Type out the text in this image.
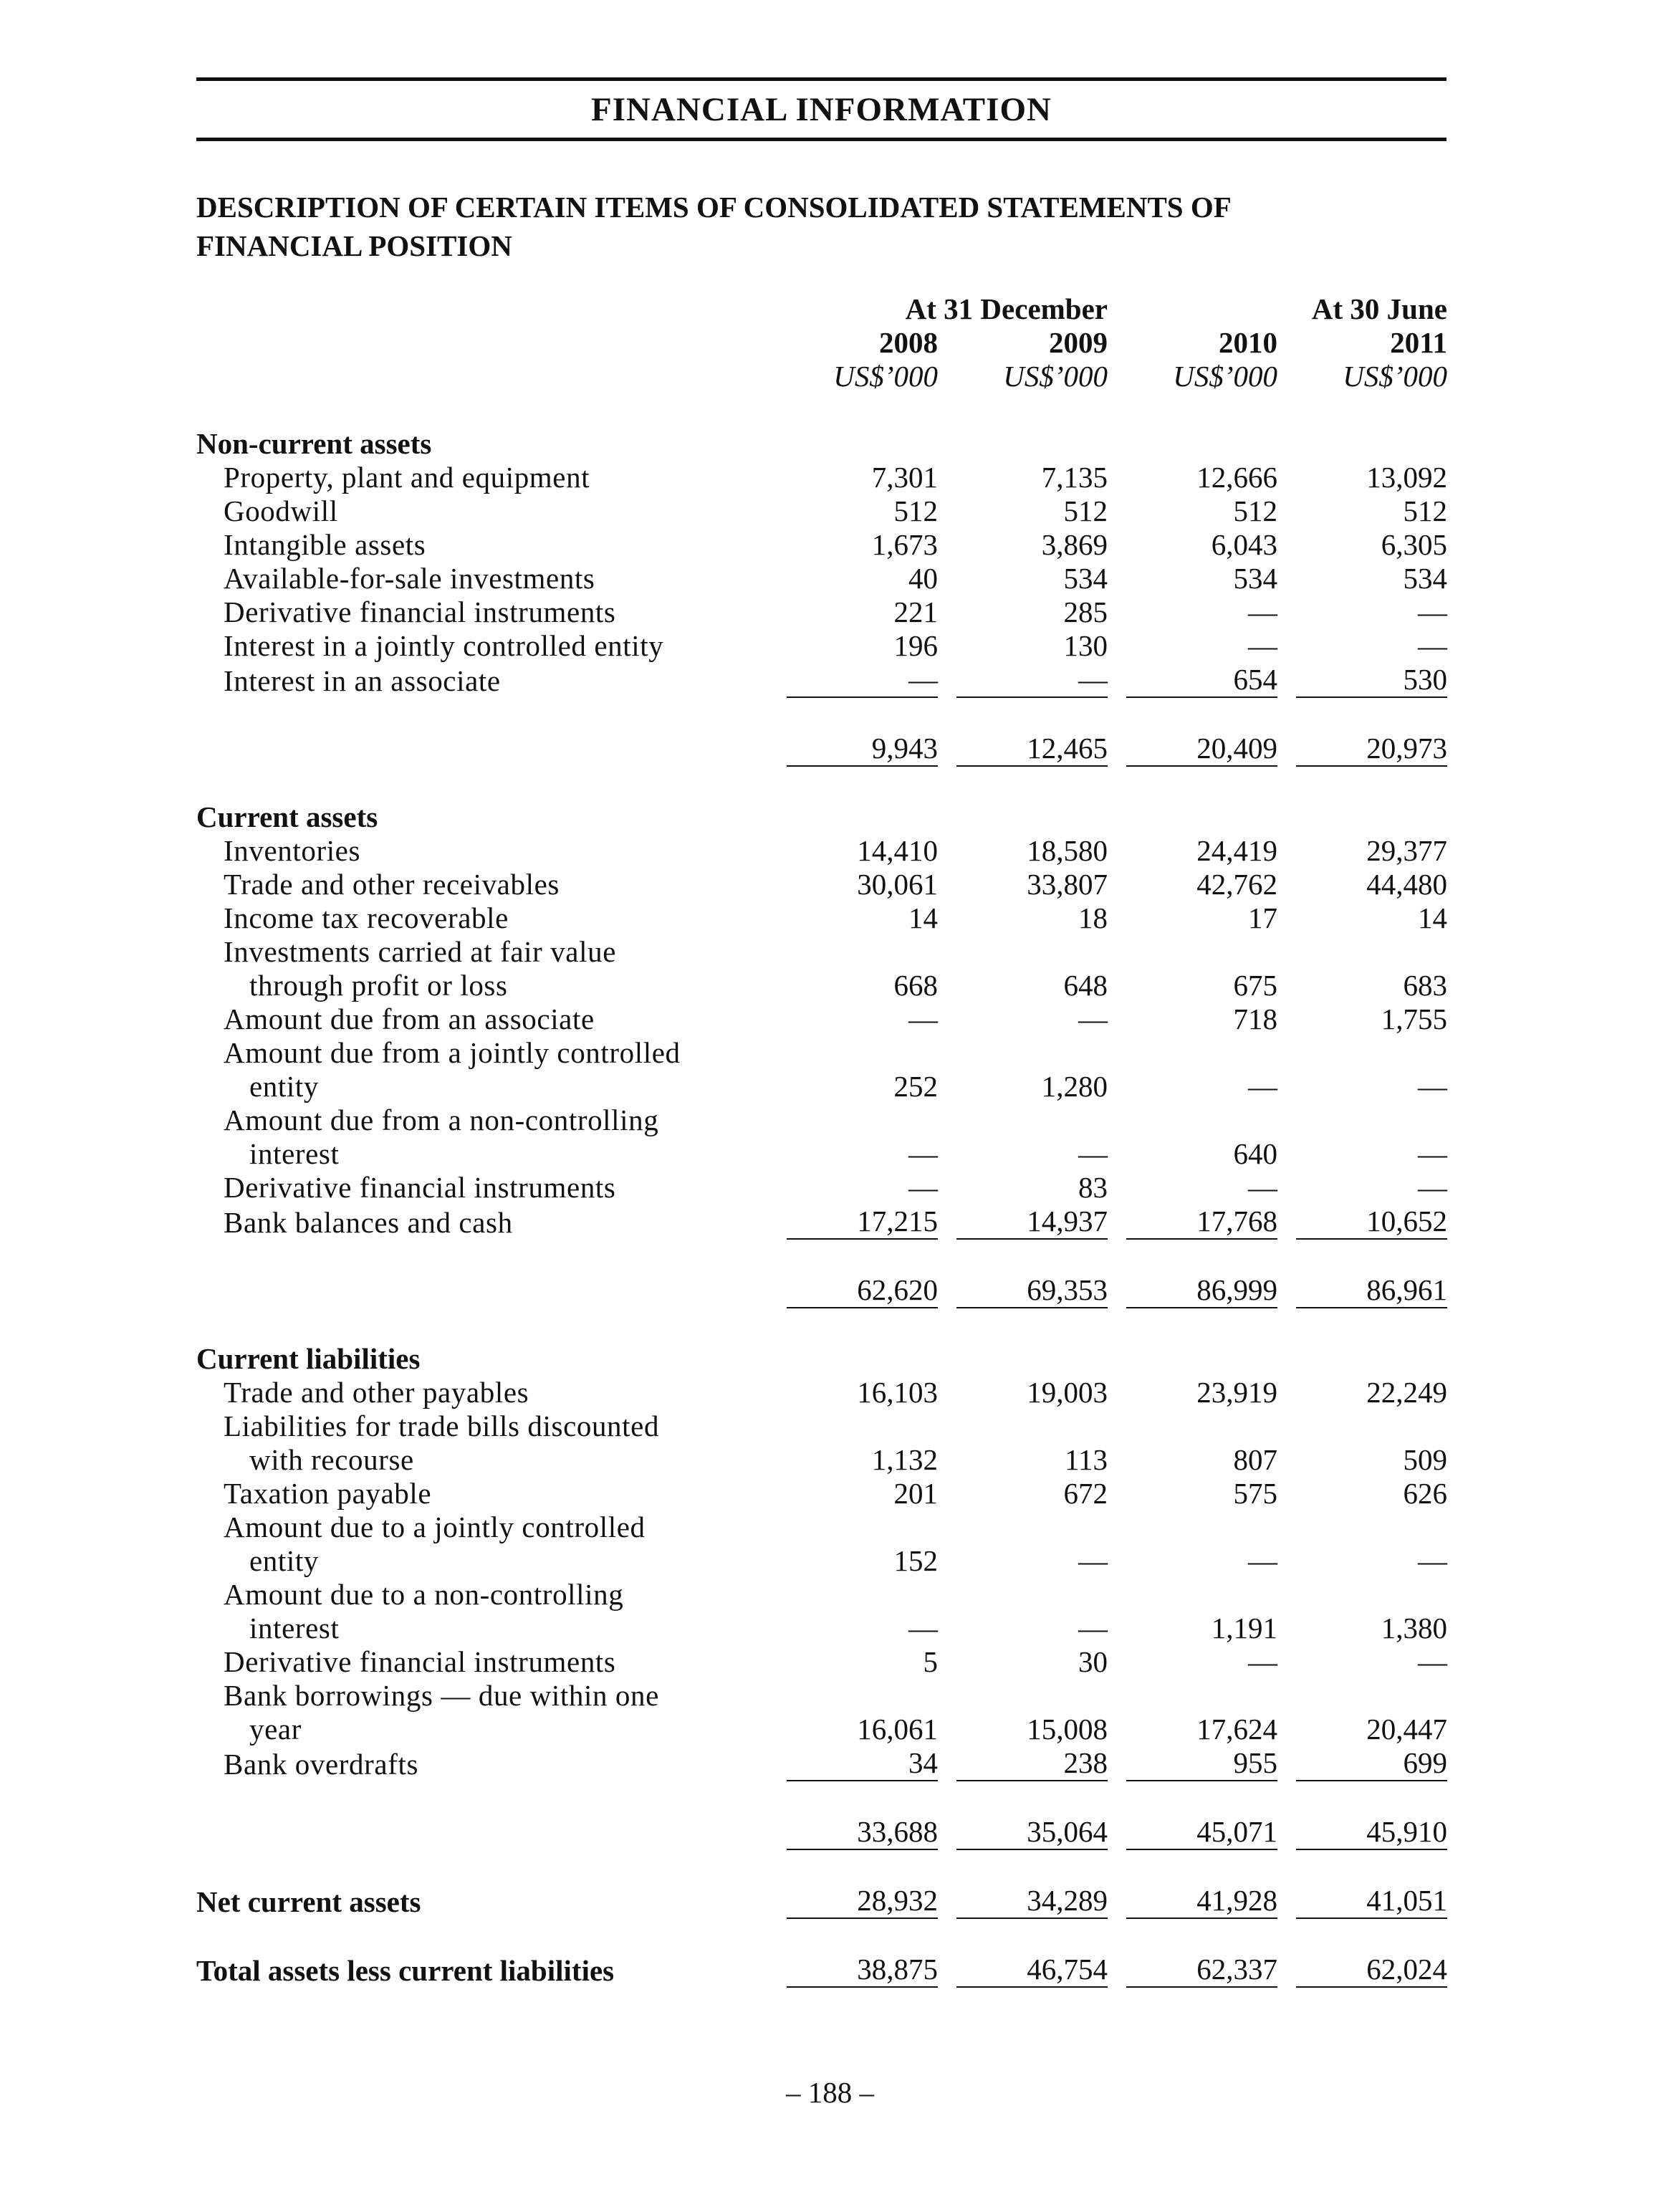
FINANCIAL INFORMATION
DESCRIPTION OF CERTAIN ITEMS OF CONSOLIDATED STATEMENTS OF
FINANCIAL POSITION
	At 31 December						At 30 June
	2008		2009		2010		2011
	US$’000		US$’000		US$’000		US$’000

Non-current assets							
Property, plant and equipment	7,301		7,135		12,666		13,092
Goodwill	512		512		512		512
Intangible assets	1,673		3,869		6,043		6,305
Available-for-sale investments	40		534		534		534
Derivative financial instruments	221		285		—		—
Interest in a jointly controlled entity	196		130		—		—
Interest in an associate	—		—		654		530

	9,943		12,465		20,409		20,973

Current assets							
Inventories	14,410		18,580		24,419		29,377
Trade and other receivables	30,061		33,807		42,762		44,480
Income tax recoverable	14		18		17		14
Investments carried at fair value							
through profit or loss	668		648		675		683
Amount due from an associate	—		—		718		1,755
Amount due from a jointly controlled							
entity	252		1,280		—		—
Amount due from a non-controlling							
interest	—		—		640		—
Derivative financial instruments	—		83		—		—
Bank balances and cash	17,215		14,937		17,768		10,652

	62,620		69,353		86,999		86,961

Current liabilities							
Trade and other payables	16,103		19,003		23,919		22,249
Liabilities for trade bills discounted							
with recourse	1,132		113		807		509
Taxation payable	201		672		575		626
Amount due to a jointly controlled							
entity	152		—		—		—
Amount due to a non-controlling							
interest	—		—		1,191		1,380
Derivative financial instruments	5		30		—		—
Bank borrowings — due within one							
year	16,061		15,008		17,624		20,447
Bank overdrafts	34		238		955		699

	33,688		35,064		45,071		45,910

Net current assets	28,932		34,289		41,928		41,051

Total assets less current liabilities	38,875		46,754		62,337		62,024
– 188 –
